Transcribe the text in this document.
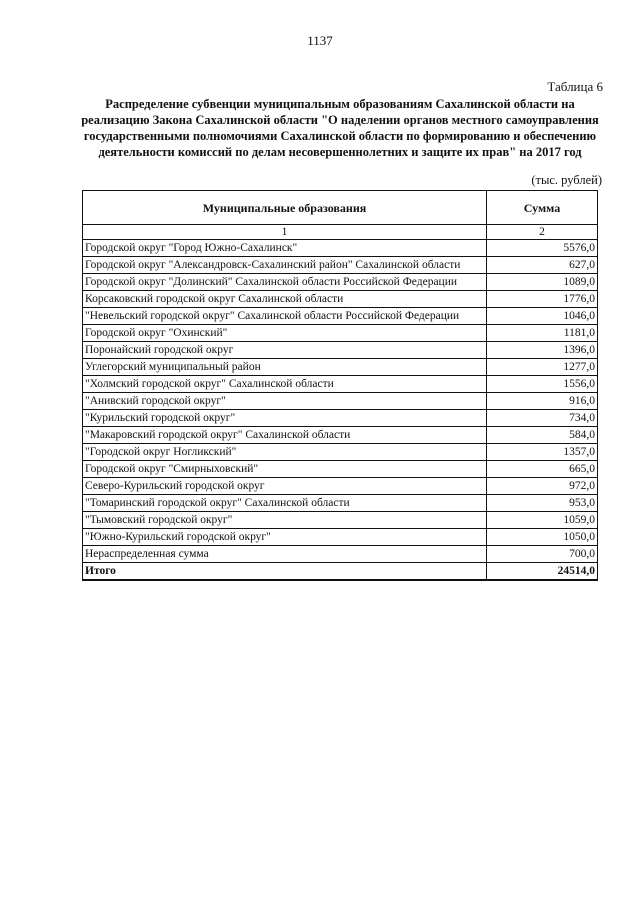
1137
Таблица 6
Распределение субвенции муниципальным образованиям Сахалинской области на реализацию Закона Сахалинской области "О наделении органов местного самоуправления государственными полномочиями Сахалинской области по формированию и обеспечению деятельности комиссий по делам несовершеннолетних и защите их прав" на 2017 год
(тыс. рублей)
Муниципальные образования	Сумма
1	2
Городской округ "Город Южно-Сахалинск"	5576,0
Городской округ "Александровск-Сахалинский район" Сахалинской области	627,0
Городской округ "Долинский" Сахалинской области Российской Федерации	1089,0
Корсаковский городской округ Сахалинской области	1776,0
"Невельский городской округ" Сахалинской области Российской Федерации	1046,0
Городской округ "Охинский"	1181,0
Поронайский городской округ	1396,0
Углегорский муниципальный район	1277,0
"Холмский городской округ" Сахалинской области	1556,0
"Анивский городской округ"	916,0
"Курильский городской округ"	734,0
"Макаровский городской округ" Сахалинской области	584,0
"Городской округ Ногликский"	1357,0
Городской округ "Смирныховский"	665,0
Северо-Курильский городской округ	972,0
"Томаринский городской округ" Сахалинской области	953,0
"Тымовский городской округ"	1059,0
"Южно-Курильский городской округ"	1050,0
Нераспределенная сумма	700,0
Итого	24514,0
